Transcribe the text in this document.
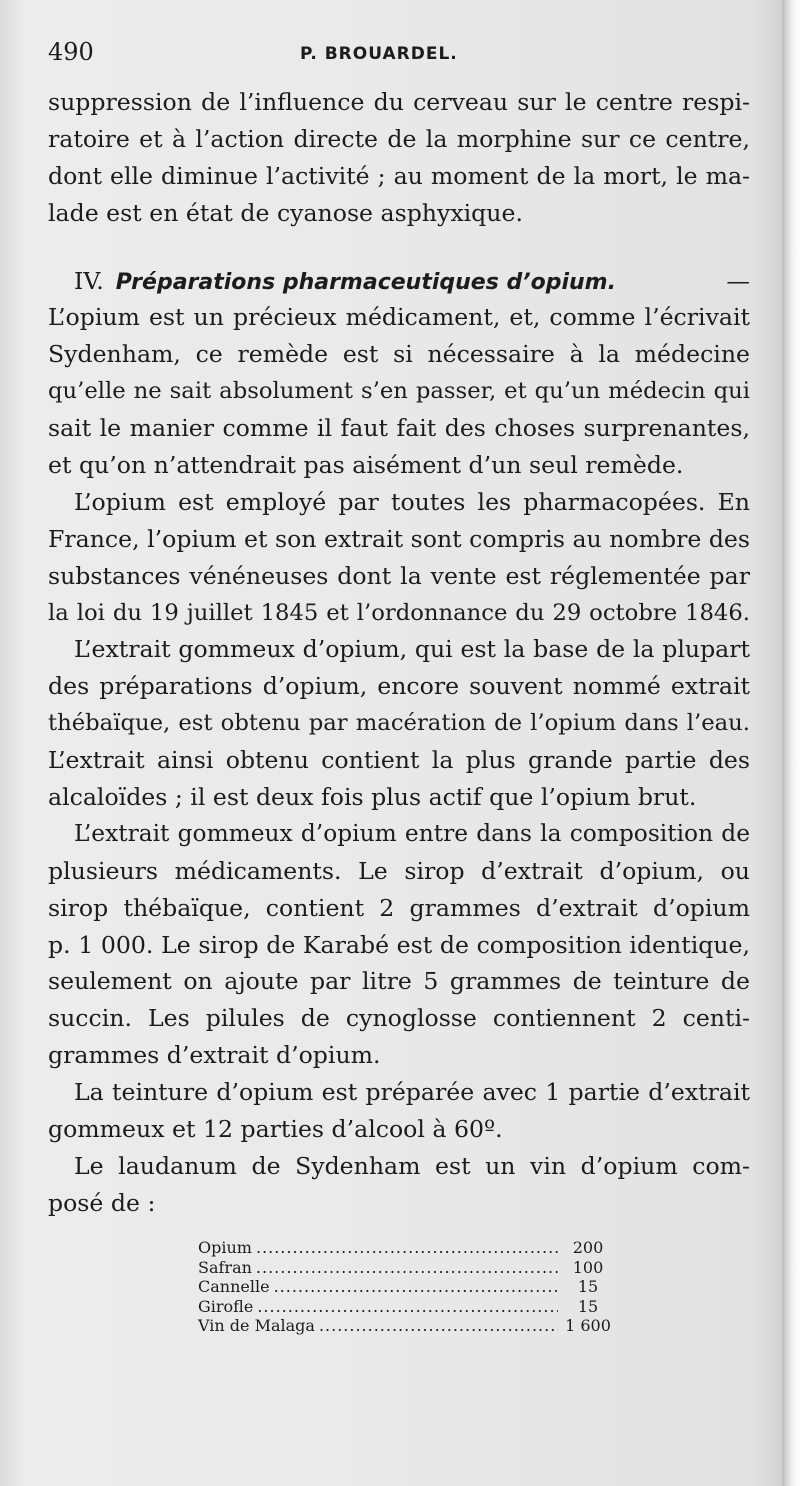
490	P. BROUARDEL.
suppression de l’influence du cerveau sur le centre respi-
ratoire et à l’action directe de la morphine sur ce centre,
dont elle diminue l’activité ; au moment de la mort, le ma-
lade est en état de cyanose asphyxique.
IV. Préparations pharmaceutiques d’opium.	—
L’opium est un précieux médicament, et, comme l’écrivait
Sydenham, ce remède est si nécessaire à la médecine
qu’elle ne sait absolument s’en passer, et qu’un médecin qui
sait le manier comme il faut fait des choses surprenantes,
et qu’on n’attendrait pas aisément d’un seul remède.
L’opium est employé par toutes les pharmacopées. En
France, l’opium et son extrait sont compris au nombre des
substances vénéneuses dont la vente est réglementée par
la loi du 19 juillet 1845 et l’ordonnance du 29 octobre 1846.
L’extrait gommeux d’opium, qui est la base de la plupart
des préparations d’opium, encore souvent nommé extrait
thébaïque, est obtenu par macération de l’opium dans l’eau.
L’extrait ainsi obtenu contient la plus grande partie des
alcaloïdes ; il est deux fois plus actif que l’opium brut.
L’extrait gommeux d’opium entre dans la composition de
plusieurs médicaments. Le sirop d’extrait d’opium, ou
sirop thébaïque, contient 2 grammes d’extrait d’opium
p. 1 000. Le sirop de Karabé est de composition identique,
seulement on ajoute par litre 5 grammes de teinture de
succin. Les pilules de cynoglosse contiennent 2 centi-
grammes d’extrait d’opium.
La teinture d’opium est préparée avec 1 partie d’extrait
gommeux et 12 parties d’alcool à 60º.
Le laudanum de Sydenham est un vin d’opium com-
posé de :
Opium .....	200
Safran .....	100
Cannelle .....	15
Girofle .....	15
Vin de Malaga .....	1 600
